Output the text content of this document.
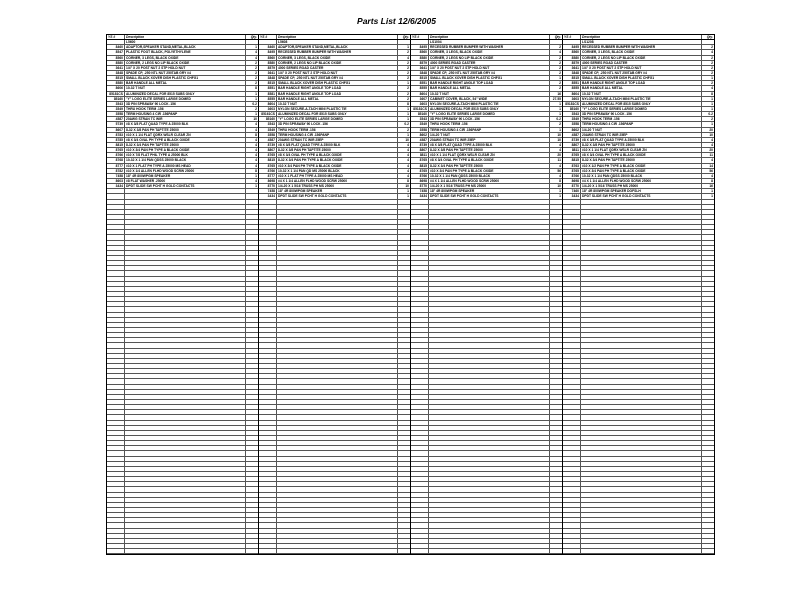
Parts List 12/6/2005
YS #	Description	Qty.
L5600
8460 ADAPTOR,SPEAKER STAND,METAL,BLACK	1
8547 PLASTIC FOOT BLACK, POLYETHYLENE	4
8560 CORNER, 3 LEGS, BLACK OXIDE	4
8580 CORNER, 2 LEGS NO LIP BLACK OXIDE	2
3641 1/4" X 20 POST NUT 2 STP HOLD NUT	2
3848 SPADE CP, .250 NTL NUT 250TAB GRY #4	2
8515 SMALL BLACK XOVER DISH PLASTIC CHFG1	2
8580 BAR HANDLE ALL METAL	2
8606 10-32 T NUT	8
85181CS ALUMINIZED DECAL FOR 8515 SUBS ONLY	1
85160 "Y" LOGO ELITE SERIES LARGE DOMED	1
3543 3D PIN SPRAWAY 90 LOCK .156	0.2
3549 THRU HOOK TERM .156	2
3558 TERM HOUSING 4 CIR .156PANP	1
4587 20AWG STRAN TC WIR	10
5739 #8 X 3/8 FLAT QUAD TYPE A 25000 BLK	4
8607 8-32 X 3/8 PAN PH TAPTITE 25000	4
8783 #10 X 1 1/4 FLAT QDRX WSLR CLEAR ZN	8
8785 #8 X 3/4 OVAL PH TYPE A BLACK OXIDE	4
8815 8-32 X 3/4 PAN PH TAPTITE 25000	4
8765 #10 X 3/4 PAN PH TYPE A BLACK OXIDE	4
8766 #10 X 7/8 FLAT PHIL TYPE A 25000 BLK	4
8768 10-32 X 1 1/4 PAN QDSS 25000 BLACK	4
8777 #10 X 1 FLAT PH TYPE A 25000 MS HEAD	4
8782 #10 X 1/4 ALLEN FLHD WOOD SCRW 25000	8
7458 18" 4R 800WPGM SPEAKER	1
8603 #8 FLAT WASHER .25000	4
3434 DPDT SLIDE SW PCHT H GOLD CONTACTS	1
YS #	Description	Qty.
L5608
8460 ADAPTOR,SPEAKER STAND,METAL,BLACK	1
8495 RECESSED RUBBER BUMPER WITH WASHER	2
8560 CORNER, 3 LEGS, BLACK OXIDE	4
8580 CORNER, 2 LEGS NO LIP BLACK OXIDE	2
8579 4000 SERIES ROAD CASTER	2
3641 1/4" X 20 POST NUT 2 STP HOLD NUT	2
3848 SPADE CP, .250 NTL NUT 250TAB GRY #4	2
8515 SMALL BLACK XOVER DISH PLASTIC CHFG1	1
8551 BAR HANDLE RIGHT ANGLE TOP LOAD	2
8581 BAR HANDLE RIGHT ANGLE TOP LOAD	2
8555 BAR HANDLE ALL METAL	2
8604 10-32 T NUT	8
3603 NYLON SECURE-A-TACH MINI PLASTIC TIE	1
85161CS ALUMINIZED DECAL FOR 8515 SUBS ONLY	1
85160 "Y" LOGO ELITE SERIES LARGE DOMED	1
3543 3D PIN SPRAWAY 90 LOCK .156	0.2
3549 THRU HOOK TERM .156	2
3558 TERM HOUSING 4 CIR .156PANP	1
4587 20AWG STRAN TC WIR 25EP	10
8739 #8 X 3/8 FLAT QUAD TYPE A 25000 BLK	4
8807 8-32 X 3/8 PAN PH TAPTITE 25000	4
8765 #8 X 3/4 OVAL PH TYPE A BLACK OXIDE	4
8815 8-32 X 3/4 PAN PH TYPE A BLACK OXIDE	4
8765 #10 X 3/4 PAN PH TYPE A BLACK OXIDE	4
8766 10-32 X 1 1/4 PAN QD MS 25000 BLACK	4
8777 #10 X 1 FLAT PH TYPE A 25000 MS HEAD	4
8698 #4 X 1 1/4 ALLEN FLHD WOOD SCRW 25000	8
8770 1/4-20 X 1 5/16 TRUSS PH MS 25000	10
7458 18" 4R 800WPGM SPEAKER	1
3434 DPDT SLIDE SW PCHT H GOLD CONTACTS	1
YS #	Description	Qty.
LS1004
8495 RECESSED RUBBER BUMPER WITH WASHER	2
8560 CORNER, 3 LEGS, BLACK OXIDE	4
8580 CORNER, 2 LEGS NO LIP BLACK OXIDE	2
8579 4000 SERIES ROAD CASTER	2
3641 1/4" X 20 POST NUT 2 STP HOLD NUT	2
3848 SPADE CP, .250 NTL NUT 250TAB GRY #4	2
8515 SMALL BLACK XOVER DISH PLASTIC CHFG1	1
8551 BAR HANDLE RIGHT ANGLE TOP LOAD	2
8555 BAR HANDLE ALL METAL	2
8604 10-32 T NUT	16
3607 CABINET COVER, BLACK, 54" WIDE	27.55
3603 NYLON SECURE-A-TACH MINI PLASTIC TIE	1
85181CS ALUMINIZED DECAL FOR 8515 SUBS ONLY	1
85160 "Y" LOGO ELITE SERIES LARGE DOMED	1
3543 3D PIN SPRAWAY 90 LOCK .156	0.2
3549 THRU HOOK TERM .156	2
3558 TERM HOUSING 4 CIR .156PANP	1
8602 1/4-20 T NUT	10
4587 20AWG STRAN TC WIR 25EP	10
8739 #8 X 3/8 FLAT QUAD TYPE A 25000 BLK	4
8807 8-32 X 3/8 PAN PH TAPTITE 25000	4
8811 #10 X 1 1/4 FLAT QDRX WSLR CLEAR ZN	20
8765 #8 X 3/4 OVAL PH TYPE A BLACK OXIDE	11
8815 8-32 X 3/4 PAN PH TAPTITE 25000	4
8765 #10 X 3/4 PAN PH TYPE A BLACK OXIDE	56
8766 10-32 X 1 1/4 PAN QDSS 25000 BLACK	4
8698 #4 X 1 1/4 ALLEN FLHD WOOD SCRW 25000	8
8770 1/4-20 X 1 5/16 TRUSS PH MS 25000	10
7458 18" 4R 800WPGM SPEAKER	1
3434 DPDT SLIDE SW PCHT H GOLD CONTACTS	1
YS #	Description	Qty.
LS1208
8495 RECESSED RUBBER BUMPER WITH WASHER	2
8560 CORNER, 3 LEGS, BLACK OXIDE	4
8580 CORNER, 2 LEGS NO LIP BLACK OXIDE	2
8579 4000 SERIES ROAD CASTER	2
3641 1/4" X 20 POST NUT 2 STP HOLD NUT	2
3848 SPADE CP, .250 NTL NUT 250TAB GRY #4	2
8515 SMALL BLACK XOVER DISH PLASTIC CHFG1	1
8551 BAR HANDLE RIGHT ANGLE TOP LOAD	2
8555 BAR HANDLE ALL METAL	4
8604 10-32 T NUT	8
3603 NYLON SECURE-A-TACH MINI PLASTIC TIE	1
85181CS ALUMINIZED DECAL FOR 8515 SUBS ONLY	1
85160 "Y" LOGO ELITE SERIES LARGE DOMED	1
3543 3D PIN SPRAWAY 90 LOCK .156	0.2
3549 THRU HOOK TERM .156	2
3558 TERM HOUSING 4 CIR .156PANP	1
8602 1/4-20 T NUT	20
4587 20AWG STRAN TC WIR 25EP	10
8739 #8 X 3/8 FLAT QUAD TYPE A 25000 BLK	4
8807 8-32 X 3/8 PAN PH TAPTITE 25000	4
8811 #10 X 1 1/4 FLAT QDRX WSLR CLEAR ZN	20
8765 #8 X 3/4 OVAL PH TYPE A BLACK OXIDE	11
8815 8-32 X 3/4 PAN PH TAPTITE 25000	4
8763 #10 X 1/2 PAN PH TYPE A BLACK OXIDE	14
8765 #10 X 3/4 PAN PH TYPE A BLACK OXIDE	56
8766 10-32 X 1 1/4 PAN QDSS 25000 BLACK	4
8698 #4 X 1 1/4 ALLEN FLHD WOOD SCRW 25000	8
8770 1/4-20 X 1 5/16 TRUSS PH MS 25000	16
7460 18" 4R 800WPGM SPEAKER DOFSLH	1
3434 DPDT SLIDE SW PCHT H GOLD CONTACTS	1
